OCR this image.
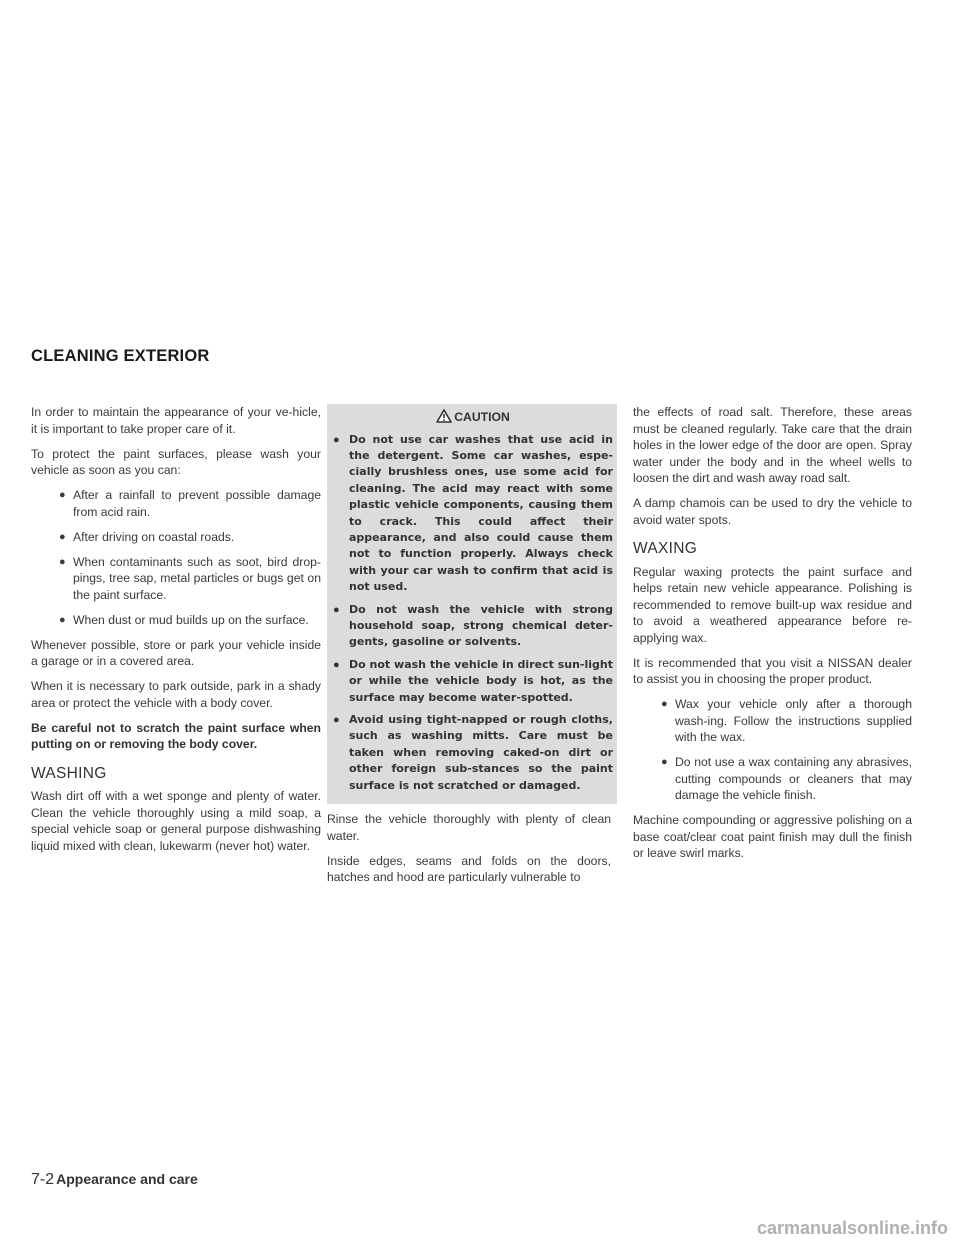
CLEANING EXTERIOR

In order to maintain the appearance of your ve-hicle, it is important to take proper care of it.

To protect the paint surfaces, please wash your vehicle as soon as you can:

● After a rainfall to prevent possible damage from acid rain.
● After driving on coastal roads.
● When contaminants such as soot, bird drop-pings, tree sap, metal particles or bugs get on the paint surface.
● When dust or mud builds up on the surface.

Whenever possible, store or park your vehicle inside a garage or in a covered area.

When it is necessary to park outside, park in a shady area or protect the vehicle with a body cover.

Be careful not to scratch the paint surface when putting on or removing the body cover.

WASHING

Wash dirt off with a wet sponge and plenty of water. Clean the vehicle thoroughly using a mild soap, a special vehicle soap or general purpose dishwashing liquid mixed with clean, lukewarm (never hot) water.

CAUTION
● Do not use car washes that use acid in the detergent. Some car washes, espe-cially brushless ones, use some acid for cleaning. The acid may react with some plastic vehicle components, causing them to crack. This could affect their appearance, and also could cause them not to function properly. Always check with your car wash to confirm that acid is not used.
● Do not wash the vehicle with strong household soap, strong chemical deter-gents, gasoline or solvents.
● Do not wash the vehicle in direct sun-light or while the vehicle body is hot, as the surface may become water-spotted.
● Avoid using tight-napped or rough cloths, such as washing mitts. Care must be taken when removing caked-on dirt or other foreign sub-stances so the paint surface is not scratched or damaged.

Rinse the vehicle thoroughly with plenty of clean water.

Inside edges, seams and folds on the doors, hatches and hood are particularly vulnerable to

the effects of road salt. Therefore, these areas must be cleaned regularly. Take care that the drain holes in the lower edge of the door are open. Spray water under the body and in the wheel wells to loosen the dirt and wash away road salt.

A damp chamois can be used to dry the vehicle to avoid water spots.

WAXING

Regular waxing protects the paint surface and helps retain new vehicle appearance. Polishing is recommended to remove built-up wax residue and to avoid a weathered appearance before re-applying wax.

It is recommended that you visit a NISSAN dealer to assist you in choosing the proper product.

● Wax your vehicle only after a thorough wash-ing. Follow the instructions supplied with the wax.
● Do not use a wax containing any abrasives, cutting compounds or cleaners that may damage the vehicle finish.

Machine compounding or aggressive polishing on a base coat/clear coat paint finish may dull the finish or leave swirl marks.

7-2 Appearance and care
carmanualsonline.info
